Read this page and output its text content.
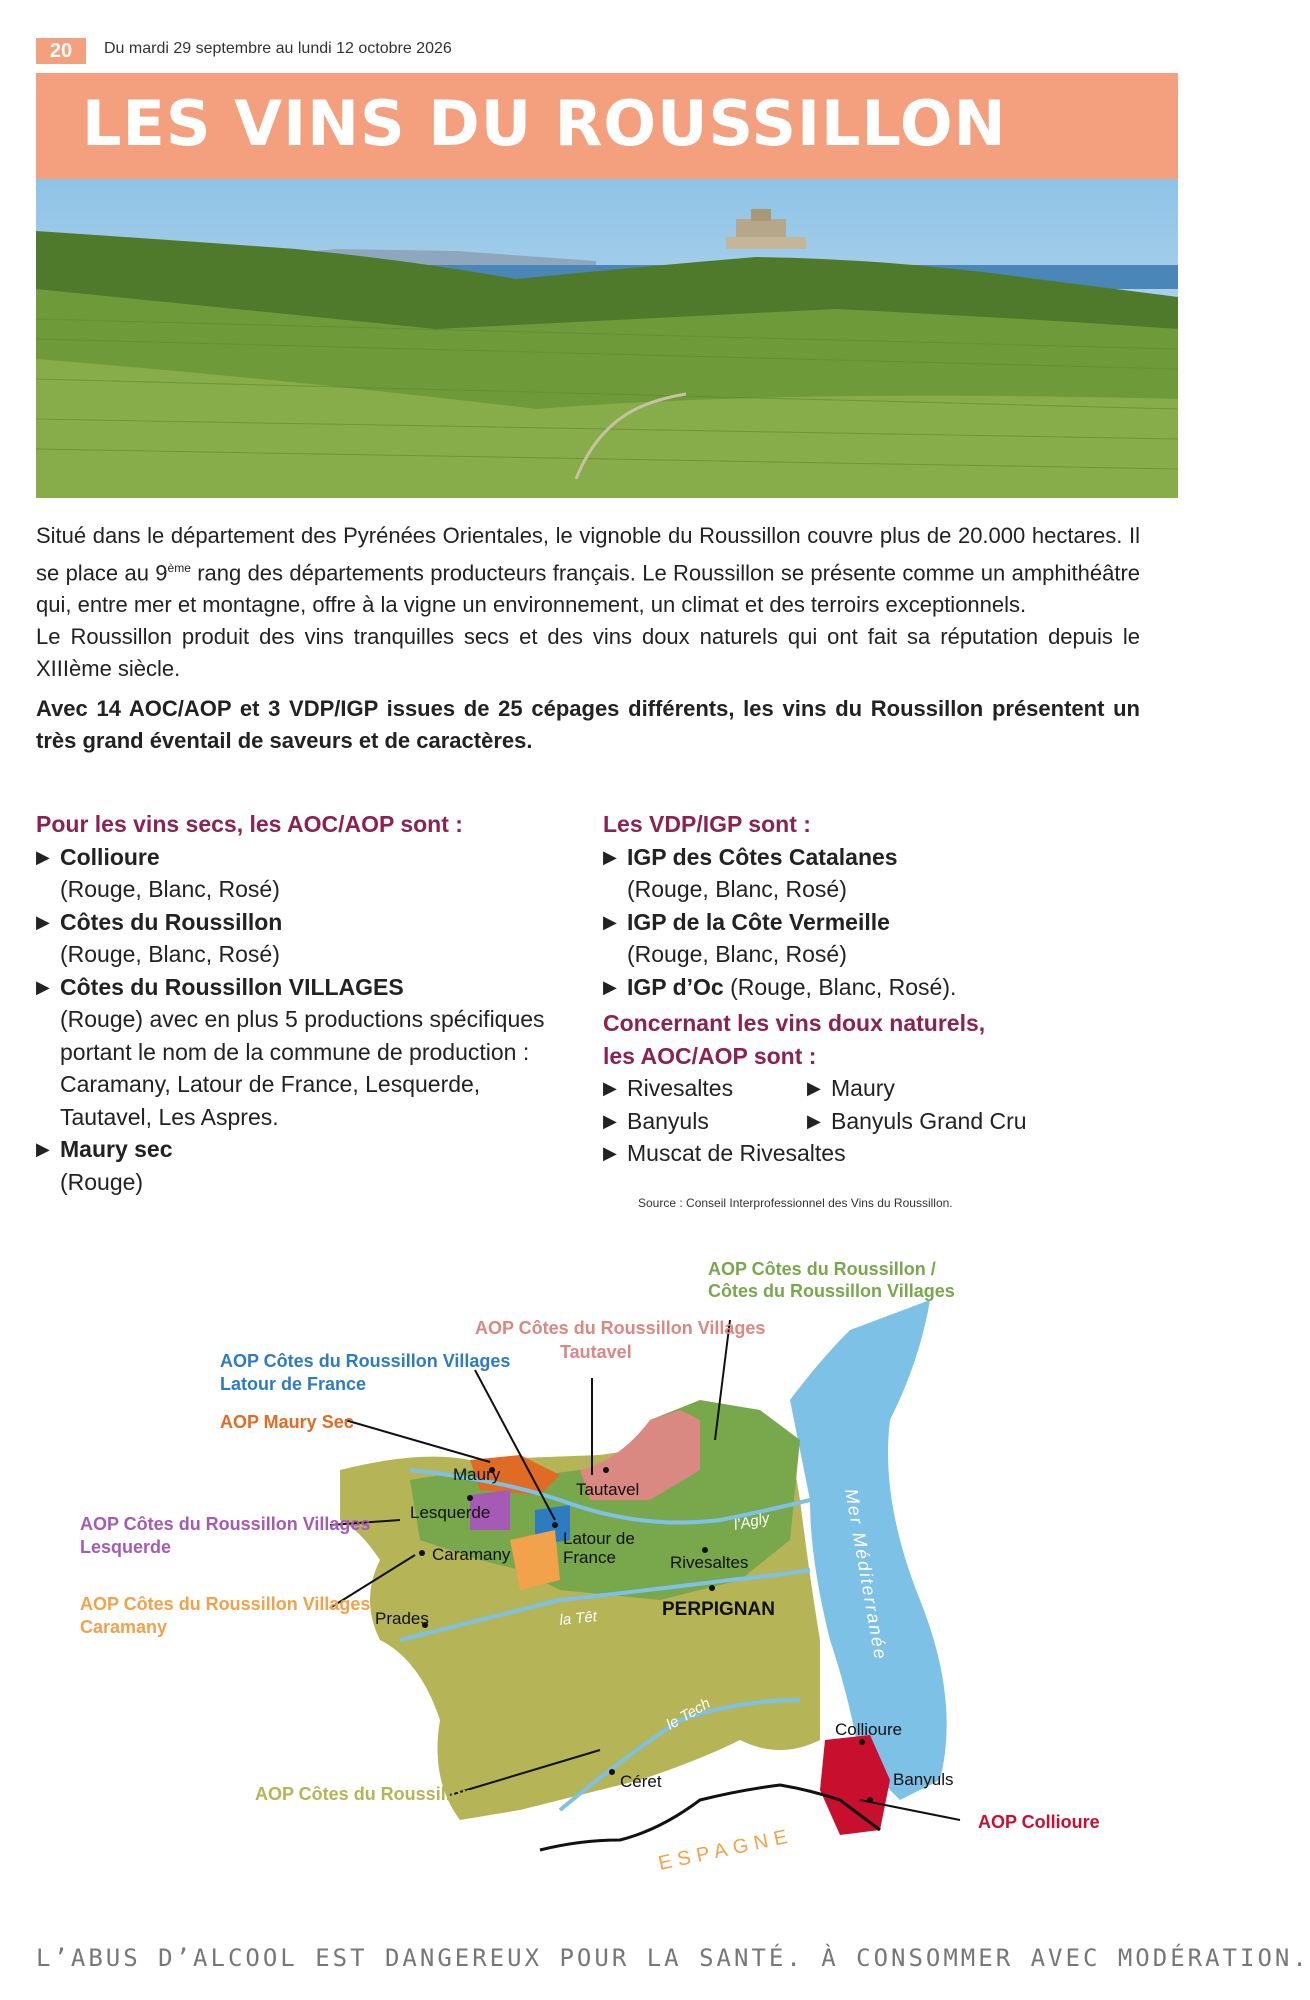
20	Du mardi 29 septembre au lundi 12 octobre 2026
LES VINS DU ROUSSILLON

Situé dans le département des Pyrénées Orientales, le vignoble du Roussillon couvre plus de 20.000 hectares. Il se place au 9ème rang des départements producteurs français. Le Roussillon se présente comme un amphithéâtre qui, entre mer et montagne, offre à la vigne un environnement, un climat et des terroirs exceptionnels.

Le Roussillon produit des vins tranquilles secs et des vins doux naturels qui ont fait sa réputation depuis le XIIIème siècle.

Avec 14 AOC/AOP et 3 VDP/IGP issues de 25 cépages différents, les vins du Roussillon présentent un très grand éventail de saveurs et de caractères.

Pour les vins secs, les AOC/AOP sont :
▶ Collioure
(Rouge, Blanc, Rosé)
▶ Côtes du Roussillon
(Rouge, Blanc, Rosé)
▶ Côtes du Roussillon VILLAGES
(Rouge) avec en plus 5 productions spécifiques portant le nom de la commune de production : Caramany, Latour de France, Lesquerde, Tautavel, Les Aspres.
▶ Maury sec
(Rouge)
Les VDP/IGP sont :
▶ IGP des Côtes Catalanes
(Rouge, Blanc, Rosé)
▶ IGP de la Côte Vermeille
(Rouge, Blanc, Rosé)
▶ IGP d’Oc (Rouge, Blanc, Rosé).
Concernant les vins doux naturels,
les AOC/AOP sont :
▶ Rivesaltes	▶ Maury
▶ Banyuls	▶ Banyuls Grand Cru
▶ Muscat de Rivesaltes
Source : Conseil Interprofessionnel des Vins du Roussillon.
AOP Côtes du Roussillon /
Côtes du Roussillon Villages
AOP Côtes du Roussillon Villages
Tautavel
AOP Côtes du Roussillon Villages
Latour de France
AOP Maury Sec
AOP Côtes du Roussillon Villages
Lesquerde
AOP Côtes du Roussillon Villages
Caramany
AOP Côtes du Roussillon
AOP Collioure
Maury
Tautavel
Lesquerde
Latour de
France
Caramany	Rivesaltes
Prades	PERPIGNAN
Céret
Collioure
Banyuls
l’Agly
la Têt
le Tech
Mer Méditerranée
ESPAGNE
L’ABUS D’ALCOOL EST DANGEREUX POUR LA SANTÉ. À CONSOMMER AVEC MODÉRATION.
